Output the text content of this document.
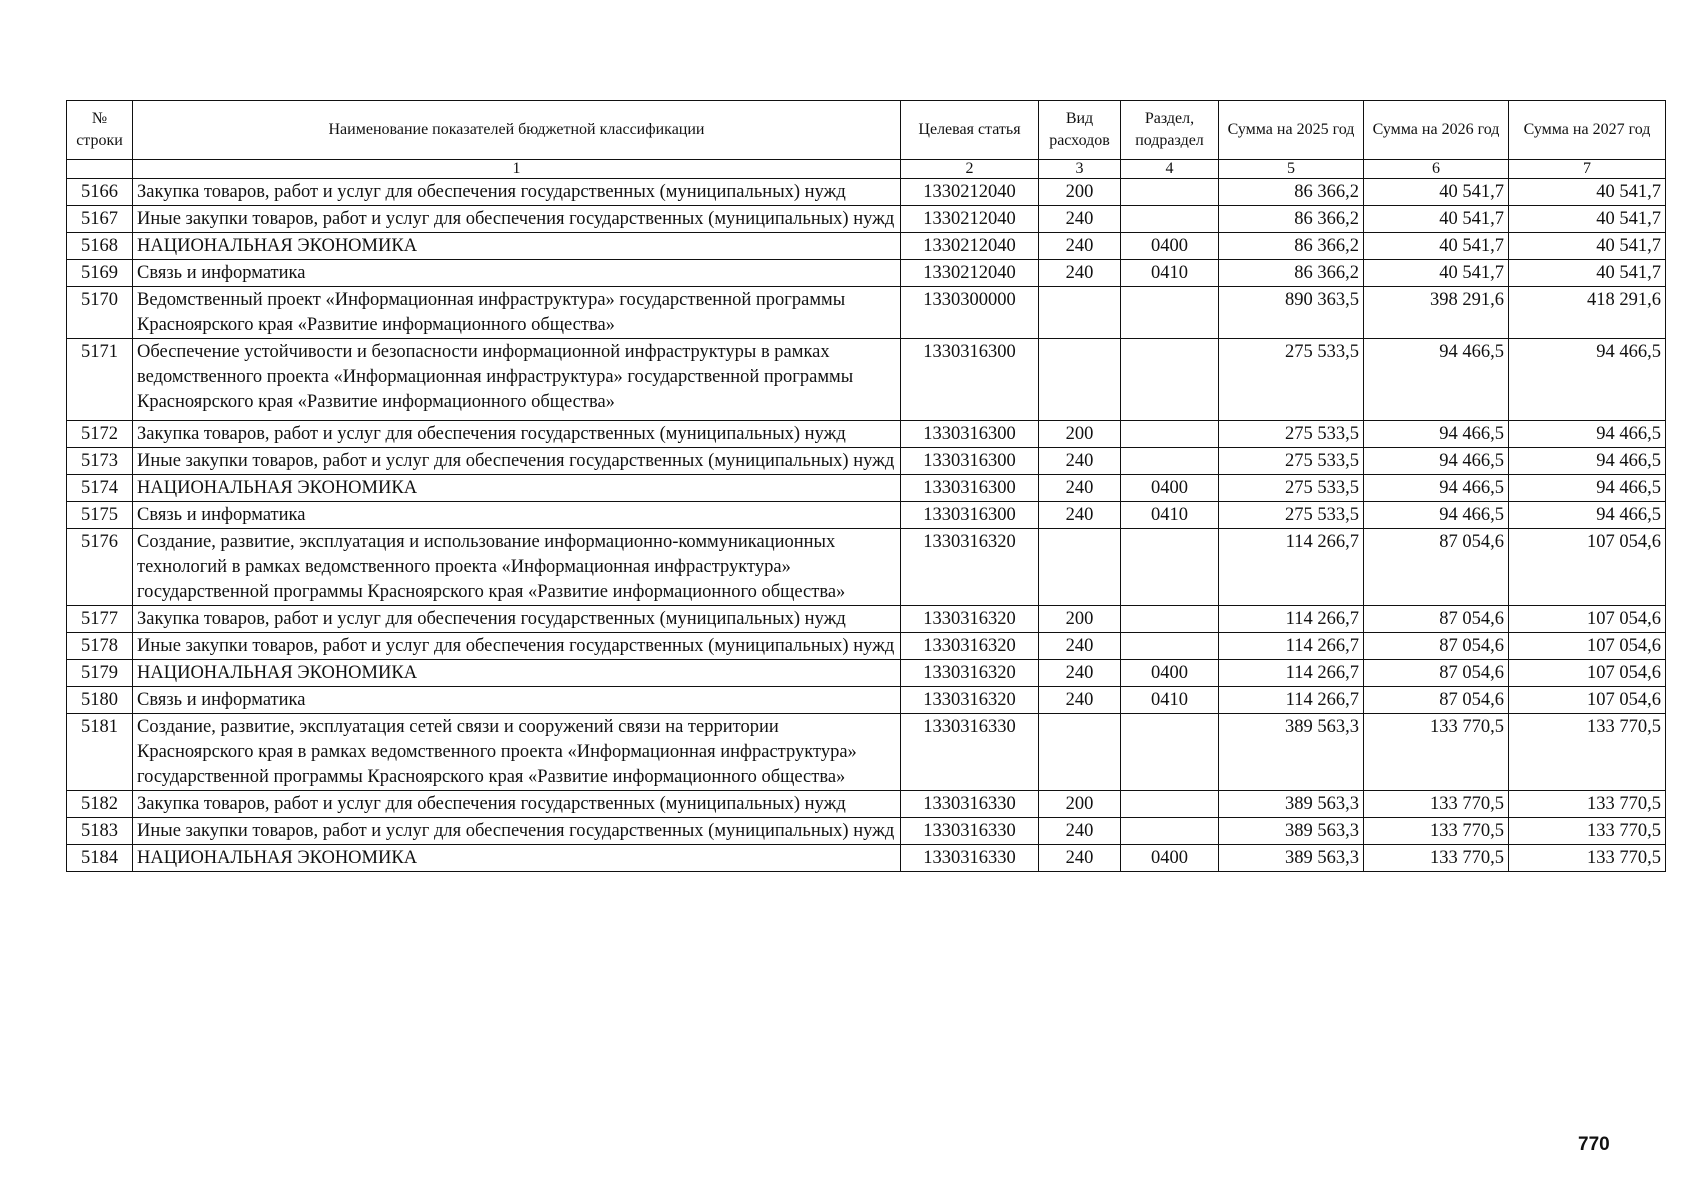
№ строки	Наименование показателей бюджетной классификации	Целевая статья	Вид расходов	Раздел, подраздел	Сумма на 2025 год	Сумма на 2026 год	Сумма на 2027 год
	1	2	3	4	5	6	7
5166	Закупка товаров, работ и услуг для обеспечения государственных (муниципальных) нужд	1330212040	200		86 366,2	40 541,7	40 541,7
5167	Иные закупки товаров, работ и услуг для обеспечения государственных (муниципальных) нужд	1330212040	240		86 366,2	40 541,7	40 541,7
5168	НАЦИОНАЛЬНАЯ ЭКОНОМИКА	1330212040	240	0400	86 366,2	40 541,7	40 541,7
5169	Связь и информатика	1330212040	240	0410	86 366,2	40 541,7	40 541,7
5170	Ведомственный проект «Информационная инфраструктура» государственной программы Красноярского края «Развитие информационного общества»	1330300000			890 363,5	398 291,6	418 291,6
5171	Обеспечение устойчивости и безопасности информационной инфраструктуры в рамках ведомственного проекта «Информационная инфраструктура» государственной программы Красноярского края «Развитие информационного общества»	1330316300			275 533,5	94 466,5	94 466,5
5172	Закупка товаров, работ и услуг для обеспечения государственных (муниципальных) нужд	1330316300	200		275 533,5	94 466,5	94 466,5
5173	Иные закупки товаров, работ и услуг для обеспечения государственных (муниципальных) нужд	1330316300	240		275 533,5	94 466,5	94 466,5
5174	НАЦИОНАЛЬНАЯ ЭКОНОМИКА	1330316300	240	0400	275 533,5	94 466,5	94 466,5
5175	Связь и информатика	1330316300	240	0410	275 533,5	94 466,5	94 466,5
5176	Создание, развитие, эксплуатация и использование информационно-коммуникационных технологий в рамках ведомственного проекта «Информационная инфраструктура» государственной программы Красноярского края «Развитие информационного общества»	1330316320			114 266,7	87 054,6	107 054,6
5177	Закупка товаров, работ и услуг для обеспечения государственных (муниципальных) нужд	1330316320	200		114 266,7	87 054,6	107 054,6
5178	Иные закупки товаров, работ и услуг для обеспечения государственных (муниципальных) нужд	1330316320	240		114 266,7	87 054,6	107 054,6
5179	НАЦИОНАЛЬНАЯ ЭКОНОМИКА	1330316320	240	0400	114 266,7	87 054,6	107 054,6
5180	Связь и информатика	1330316320	240	0410	114 266,7	87 054,6	107 054,6
5181	Создание, развитие, эксплуатация сетей связи и сооружений связи на территории Красноярского края в рамках ведомственного проекта «Информационная инфраструктура» государственной программы Красноярского края «Развитие информационного общества»	1330316330			389 563,3	133 770,5	133 770,5
5182	Закупка товаров, работ и услуг для обеспечения государственных (муниципальных) нужд	1330316330	200		389 563,3	133 770,5	133 770,5
5183	Иные закупки товаров, работ и услуг для обеспечения государственных (муниципальных) нужд	1330316330	240		389 563,3	133 770,5	133 770,5
5184	НАЦИОНАЛЬНАЯ ЭКОНОМИКА	1330316330	240	0400	389 563,3	133 770,5	133 770,5
770
